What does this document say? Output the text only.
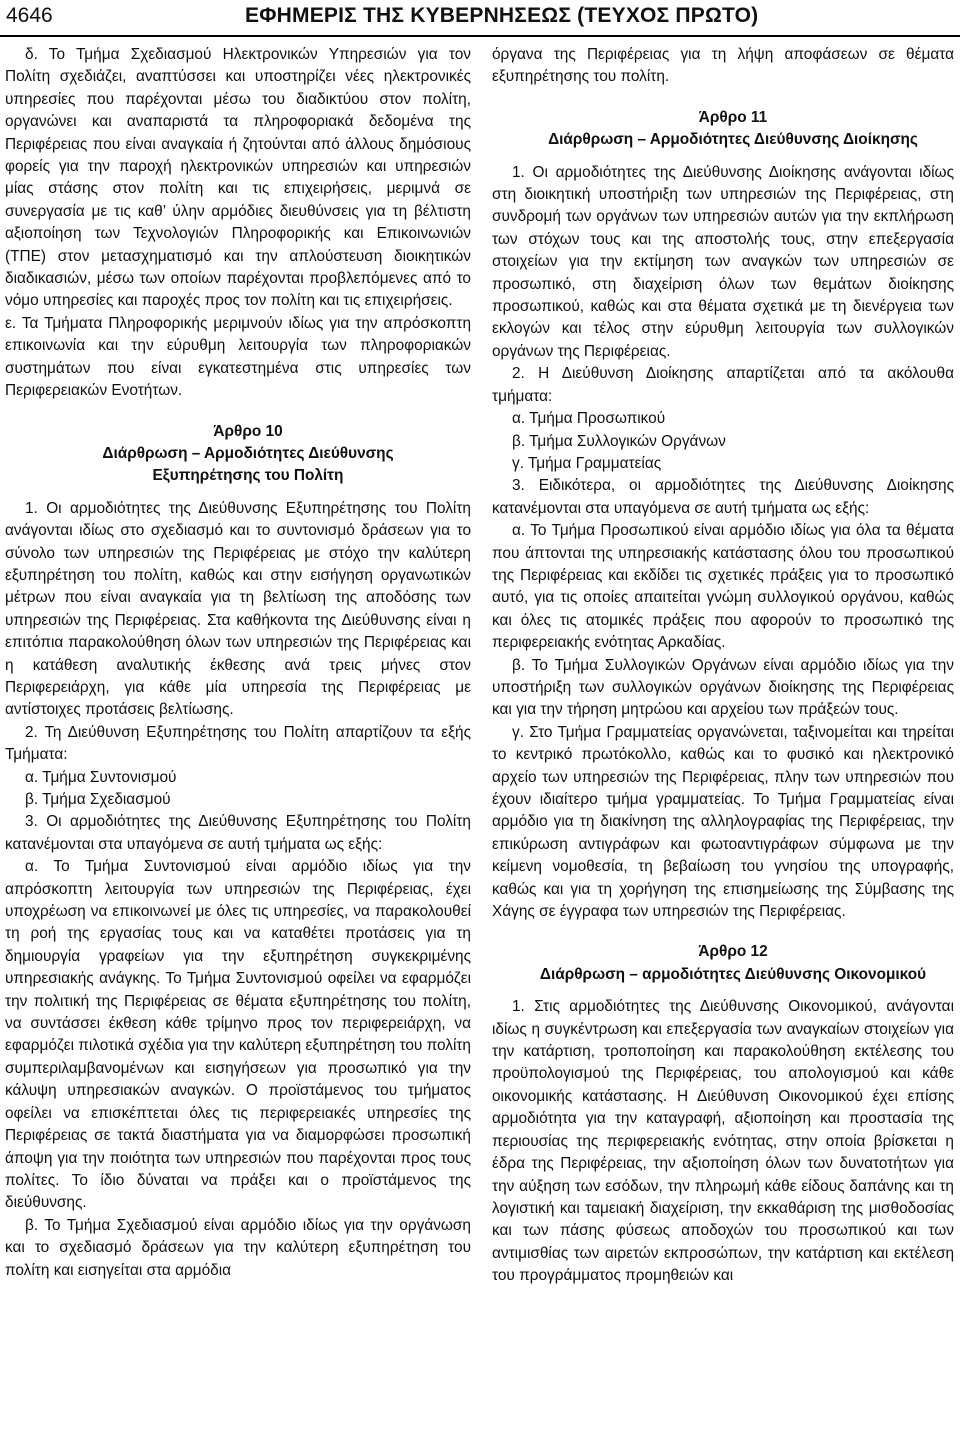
4646	ΕΦΗΜΕΡΙΣ ΤΗΣ ΚΥΒΕΡΝΗΣΕΩΣ (ΤΕΥΧΟΣ ΠΡΩΤΟ)

δ. Το Τμήμα Σχεδιασμού Ηλεκτρονικών Υπηρεσιών για τον Πολίτη σχεδιάζει, αναπτύσσει και υποστηρίζει νέες ηλεκτρονικές υπηρεσίες που παρέχονται μέσω του διαδικτύου στον πολίτη, οργανώνει και αναπαριστά τα πληροφοριακά δεδομένα της Περιφέρειας που είναι αναγκαία ή ζητούνται από άλλους δημόσιους φορείς για την παροχή ηλεκτρονικών υπηρεσιών και υπηρεσιών μίας στάσης στον πολίτη και τις επιχειρήσεις, μεριμνά σε συνεργασία με τις καθ’ ύλην αρμόδιες διευθύνσεις για τη βέλτιστη αξιοποίηση των Τεχνολογιών Πληροφορικής και Επικοινωνιών (ΤΠΕ) στον μετασχηματισμό και την απλούστευση διοικητικών διαδικασιών, μέσω των οποίων παρέχονται προβλεπόμενες από το νόμο υπηρεσίες και παροχές προς τον πολίτη και τις επιχειρήσεις.

ε. Τα Τμήματα Πληροφορικής μεριμνούν ιδίως για την απρόσκοπτη επικοινωνία και την εύρυθμη λειτουργία των πληροφοριακών συστημάτων που είναι εγκατεστημένα στις υπηρεσίες των Περιφερειακών Ενοτήτων.

Άρθρο 10

Διάρθρωση – Αρμοδιότητες Διεύθυνσης

Εξυπηρέτησης του Πολίτη

1. Οι αρμοδιότητες της Διεύθυνσης Εξυπηρέτησης του Πολίτη ανάγονται ιδίως στο σχεδιασμό και το συντονισμό δράσεων για το σύνολο των υπηρεσιών της Περιφέρειας με στόχο την καλύτερη εξυπηρέτηση του πολίτη, καθώς και στην εισήγηση οργανωτικών μέτρων που είναι αναγκαία για τη βελτίωση της αποδόσης των υπηρεσιών της Περιφέρειας. Στα καθήκοντα της Διεύθυνσης είναι η επιτόπια παρακολούθηση όλων των υπηρεσιών της Περιφέρειας και η κατάθεση αναλυτικής έκθεσης ανά τρεις μήνες στον Περιφερειάρχη, για κάθε μία υπηρεσία της Περιφέρειας με αντίστοιχες προτάσεις βελτίωσης.

2. Τη Διεύθυνση Εξυπηρέτησης του Πολίτη απαρτίζουν τα εξής Τμήματα:

α. Τμήμα Συντονισμού

β. Τμήμα Σχεδιασμού

3. Οι αρμοδιότητες της Διεύθυνσης Εξυπηρέτησης του Πολίτη κατανέμονται στα υπαγόμενα σε αυτή τμήματα ως εξής:

α. Το Τμήμα Συντονισμού είναι αρμόδιο ιδίως για την απρόσκοπτη λειτουργία των υπηρεσιών της Περιφέρειας, έχει υποχρέωση να επικοινωνεί με όλες τις υπηρεσίες, να παρακολουθεί τη ροή της εργασίας τους και να καταθέτει προτάσεις για τη δημιουργία γραφείων για την εξυπηρέτηση συγκεκριμένης υπηρεσιακής ανάγκης. Το Τμήμα Συντονισμού οφείλει να εφαρμόζει την πολιτική της Περιφέρειας σε θέματα εξυπηρέτησης του πολίτη, να συντάσσει έκθεση κάθε τρίμηνο προς τον περιφερειάρχη, να εφαρμόζει πιλοτικά σχέδια για την καλύτερη εξυπηρέτηση του πολίτη συμπεριλαμβανομένων και εισηγήσεων για προσωπικό για την κάλυψη υπηρεσιακών αναγκών. Ο προϊστάμενος του τμήματος οφείλει να επισκέπτεται όλες τις περιφερειακές υπηρεσίες της Περιφέρειας σε τακτά διαστήματα για να διαμορφώσει προσωπική άποψη για την ποιότητα των υπηρεσιών που παρέχονται προς τους πολίτες. Το ίδιο δύναται να πράξει και ο προϊστάμενος της διεύθυνσης.

β. Το Τμήμα Σχεδιασμού είναι αρμόδιο ιδίως για την οργάνωση και το σχεδιασμό δράσεων για την καλύτερη εξυπηρέτηση του πολίτη και εισηγείται στα αρμόδια

όργανα της Περιφέρειας για τη λήψη αποφάσεων σε θέματα εξυπηρέτησης του πολίτη.

Άρθρο 11

Διάρθρωση – Αρμοδιότητες Διεύθυνσης Διοίκησης

1. Οι αρμοδιότητες της Διεύθυνσης Διοίκησης ανάγονται ιδίως στη διοικητική υποστήριξη των υπηρεσιών της Περιφέρειας, στη συνδρομή των οργάνων των υπηρεσιών αυτών για την εκπλήρωση των στόχων τους και της αποστολής τους, στην επεξεργασία στοιχείων για την εκτίμηση των αναγκών των υπηρεσιών σε προσωπικό, στη διαχείριση όλων των θεμάτων διοίκησης προσωπικού, καθώς και στα θέματα σχετικά με τη διενέργεια των εκλογών και τέλος στην εύρυθμη λειτουργία των συλλογικών οργάνων της Περιφέρειας.

2. Η Διεύθυνση Διοίκησης απαρτίζεται από τα ακόλουθα τμήματα:

α. Τμήμα Προσωπικού

β. Τμήμα Συλλογικών Οργάνων

γ. Τμήμα Γραμματείας

3. Ειδικότερα, οι αρμοδιότητες της Διεύθυνσης Διοίκησης κατανέμονται στα υπαγόμενα σε αυτή τμήματα ως εξής:

α. Το Τμήμα Προσωπικού είναι αρμόδιο ιδίως για όλα τα θέματα που άπτονται της υπηρεσιακής κατάστασης όλου του προσωπικού της Περιφέρειας και εκδίδει τις σχετικές πράξεις για το προσωπικό αυτό, για τις οποίες απαιτείται γνώμη συλλογικού οργάνου, καθώς και όλες τις ατομικές πράξεις που αφορούν το προσωπικό της περιφερειακής ενότητας Αρκαδίας.

β. Το Τμήμα Συλλογικών Οργάνων είναι αρμόδιο ιδίως για την υποστήριξη των συλλογικών οργάνων διοίκησης της Περιφέρειας και για την τήρηση μητρώου και αρχείου των πράξεών τους.

γ. Στο Τμήμα Γραμματείας οργανώνεται, ταξινομείται και τηρείται το κεντρικό πρωτόκολλο, καθώς και το φυσικό και ηλεκτρονικό αρχείο των υπηρεσιών της Περιφέρειας, πλην των υπηρεσιών που έχουν ιδιαίτερο τμήμα γραμματείας. Το Τμήμα Γραμματείας είναι αρμόδιο για τη διακίνηση της αλληλογραφίας της Περιφέρειας, την επικύρωση αντιγράφων και φωτοαντιγράφων σύμφωνα με την κείμενη νομοθεσία, τη βεβαίωση του γνησίου της υπογραφής, καθώς και για τη χορήγηση της επισημείωσης της Σύμβασης της Χάγης σε έγγραφα των υπηρεσιών της Περιφέρειας.

Άρθρο 12

Διάρθρωση – αρμοδιότητες Διεύθυνσης Οικονομικού

1. Στις αρμοδιότητες της Διεύθυνσης Οικονομικού, ανάγονται ιδίως η συγκέντρωση και επεξεργασία των αναγκαίων στοιχείων για την κατάρτιση, τροποποίηση και παρακολούθηση εκτέλεσης του προϋπολογισμού της Περιφέρειας, του απολογισμού και κάθε οικονομικής κατάστασης. Η Διεύθυνση Οικονομικού έχει επίσης αρμοδιότητα για την καταγραφή, αξιοποίηση και προστασία της περιουσίας της περιφερειακής ενότητας, στην οποία βρίσκεται η έδρα της Περιφέρειας, την αξιοποίηση όλων των δυνατοτήτων για την αύξηση των εσόδων, την πληρωμή κάθε είδους δαπάνης και τη λογιστική και ταμειακή διαχείριση, την εκκαθάριση της μισθοδοσίας και των πάσης φύσεως αποδοχών του προσωπικού και των αντιμισθίας των αιρετών εκπροσώπων, την κατάρτιση και εκτέλεση του προγράμματος προμηθειών και
